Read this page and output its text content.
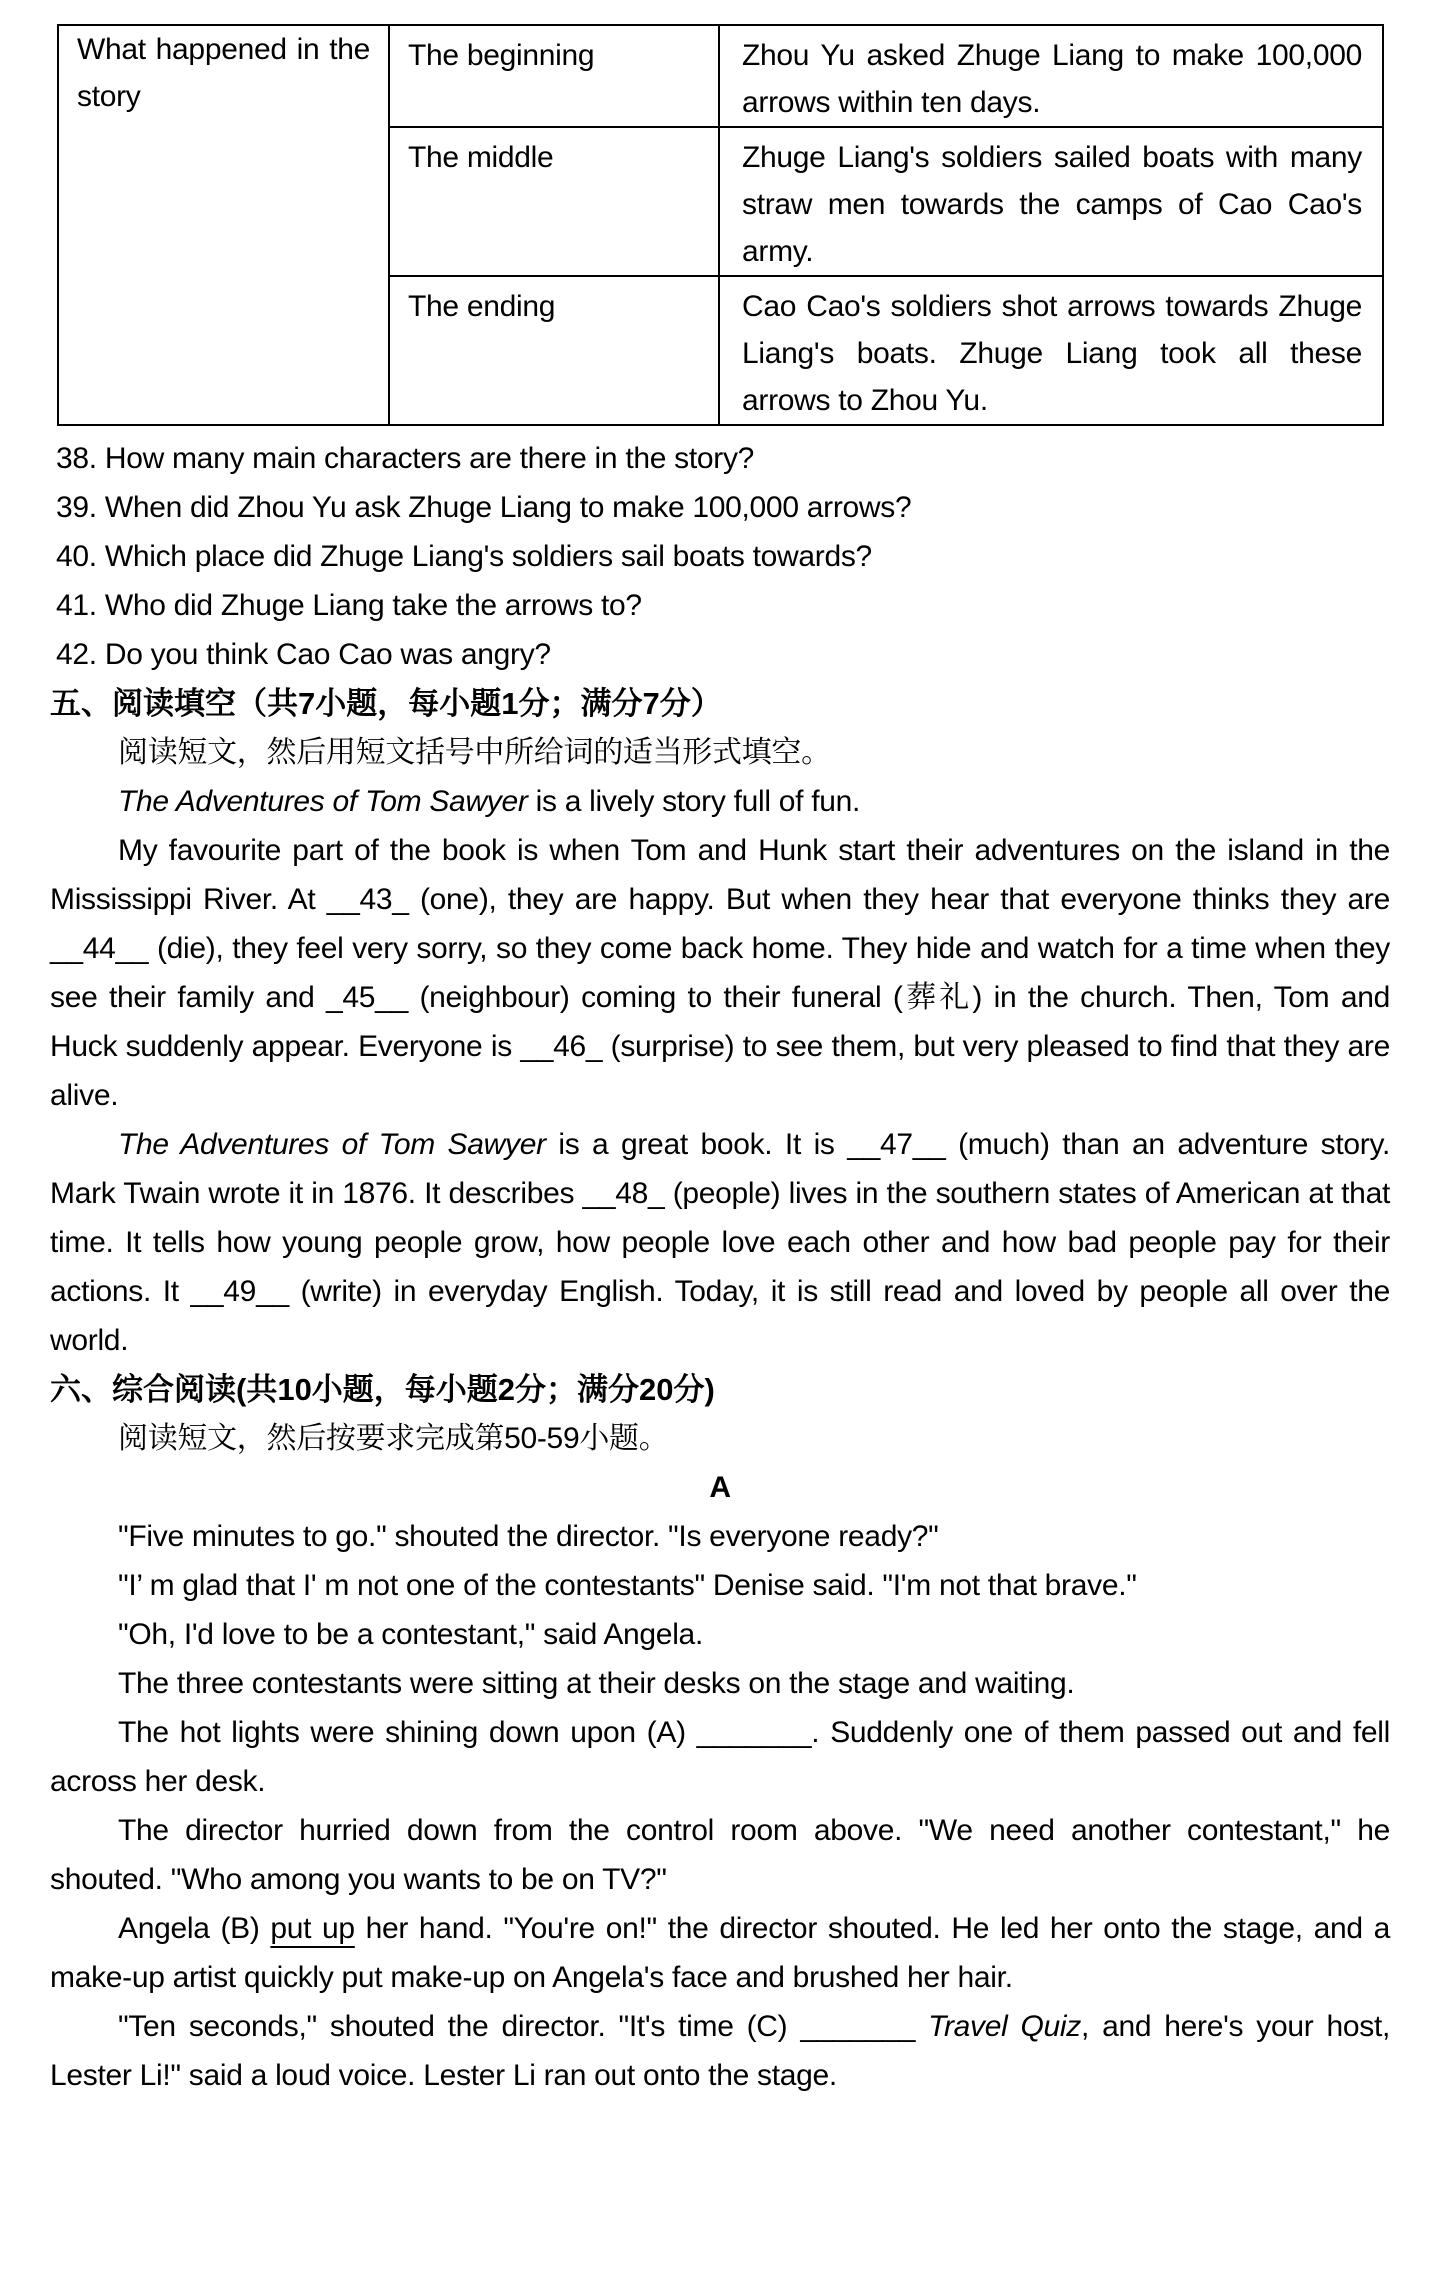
What happened in the story	The beginning	Zhou Yu asked Zhuge Liang to make 100,000 arrows within ten days.
	The middle	Zhuge Liang's soldiers sailed boats with many straw men towards the camps of Cao Cao's army.
	The ending	Cao Cao's soldiers shot arrows towards Zhuge Liang's boats. Zhuge Liang took all these arrows to Zhou Yu.

38. How many main characters are there in the story?

39. When did Zhou Yu ask Zhuge Liang to make 100,000 arrows?

40. Which place did Zhuge Liang's soldiers sail boats towards?

41. Who did Zhuge Liang take the arrows to?

42. Do you think Cao Cao was angry?

五、阅读填空（共7小题，每小题1分；满分7分）

阅读短文，然后用短文括号中所给词的适当形式填空。

The Adventures of Tom Sawyer is a lively story full of fun.

My favourite part of the book is when Tom and Hunk start their adventures on the island in the Mississippi River. At __43_ (one), they are happy. But when they hear that everyone thinks they are __44__ (die), they feel very sorry, so they come back home. They hide and watch for a time when they see their family and _45__ (neighbour) coming to their funeral (葬礼) in the church. Then, Tom and Huck suddenly appear. Everyone is __46_ (surprise) to see them, but very pleased to find that they are alive.

The Adventures of Tom Sawyer is a great book. It is __47__ (much) than an adventure story. Mark Twain wrote it in 1876. It describes __48_ (people) lives in the southern states of American at that time. It tells how young people grow, how people love each other and how bad people pay for their actions. It __49__ (write) in everyday English. Today, it is still read and loved by people all over the world.

六、综合阅读(共10小题，每小题2分；满分20分)

阅读短文，然后按要求完成第50-59小题。

A

"Five minutes to go." shouted the director. "Is everyone ready?"

"I’ m glad that I' m not one of the contestants" Denise said. "I'm not that brave."

"Oh, I'd love to be a contestant," said Angela.

The three contestants were sitting at their desks on the stage and waiting.

The hot lights were shining down upon (A) _______. Suddenly one of them passed out and fell across her desk.

The director hurried down from the control room above. "We need another contestant," he shouted. "Who among you wants to be on TV?"

Angela (B) put up her hand. "You're on!" the director shouted. He led her onto the stage, and a make-up artist quickly put make-up on Angela's face and brushed her hair.

"Ten seconds," shouted the director. "It's time (C) _______ Travel Quiz, and here's your host, Lester Li!" said a loud voice. Lester Li ran out onto the stage.
